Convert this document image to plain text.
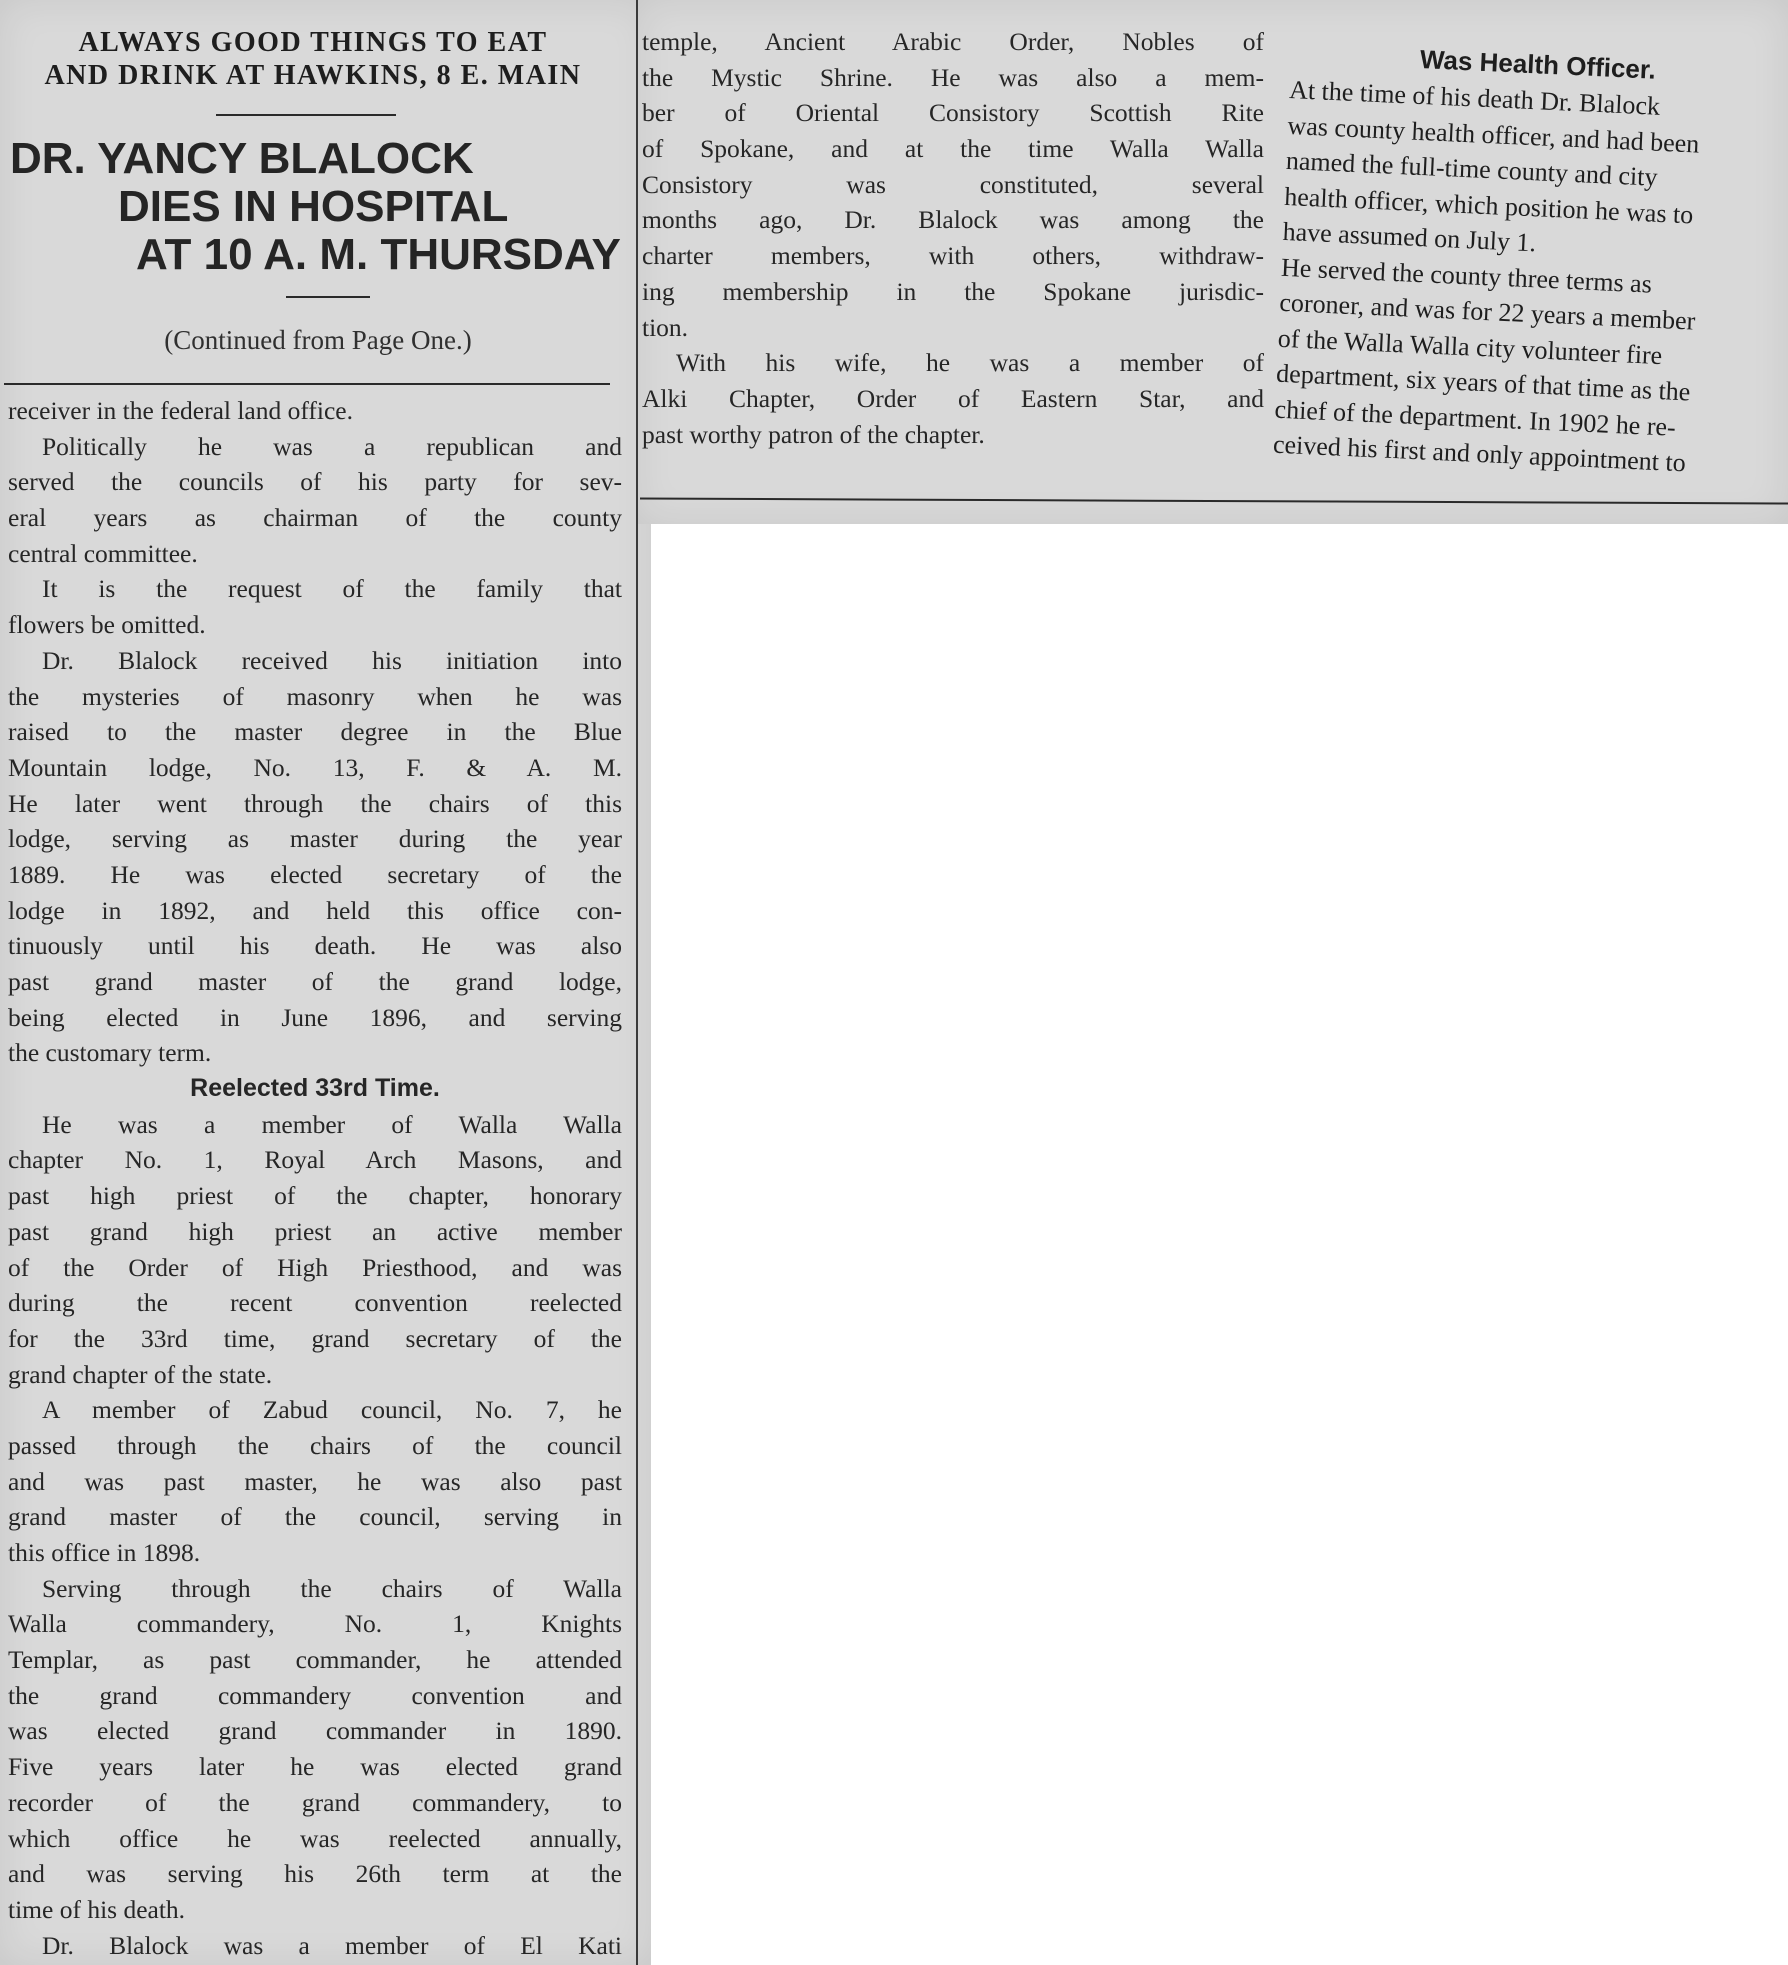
ALWAYS GOOD THINGS TO EAT
AND DRINK AT HAWKINS, 8 E. MAIN
DR. YANCY BLALOCK
DIES IN HOSPITAL
AT 10 A. M. THURSDAY
(Continued from Page One.)
receiver in the federal land office.
Politically he was a republican and
served the councils of his party for sev-
eral years as chairman of the county
central committee.
It is the request of the family that
flowers be omitted.
Dr. Blalock received his initiation into
the mysteries of masonry when he was
raised to the master degree in the Blue
Mountain lodge, No. 13, F. & A. M.
He later went through the chairs of this
lodge, serving as master during the year
1889. He was elected secretary of the
lodge in 1892, and held this office con-
tinuously until his death. He was also
past grand master of the grand lodge,
being elected in June 1896, and serving
the customary term.
Reelected 33rd Time.
He was a member of Walla Walla
chapter No. 1, Royal Arch Masons, and
past high priest of the chapter, honorary
past grand high priest an active member
of the Order of High Priesthood, and was
during the recent convention reelected
for the 33rd time, grand secretary of the
grand chapter of the state.
A member of Zabud council, No. 7, he
passed through the chairs of the council
and was past master, he was also past
grand master of the council, serving in
this office in 1898.
Serving through the chairs of Walla
Walla commandery, No. 1, Knights
Templar, as past commander, he attended
the grand commandery convention and
was elected grand commander in 1890.
Five years later he was elected grand
recorder of the grand commandery, to
which office he was reelected annually,
and was serving his 26th term at the
time of his death.
Dr. Blalock was a member of El Kati
temple, Ancient Arabic Order, Nobles of
the Mystic Shrine. He was also a mem-
ber of Oriental Consistory Scottish Rite
of Spokane, and at the time Walla Walla
Consistory was constituted, several
months ago, Dr. Blalock was among the
charter members, with others, withdraw-
ing membership in the Spokane jurisdic-
tion.
With his wife, he was a member of
Alki Chapter, Order of Eastern Star, and
past worthy patron of the chapter.
Was Health Officer.
At the time of his death Dr. Blalock
was county health officer, and had been
named the full-time county and city
health officer, which position he was to
have assumed on July 1.
He served the county three terms as
coroner, and was for 22 years a member
of the Walla Walla city volunteer fire
department, six years of that time as the
chief of the department. In 1902 he re-
ceived his first and only appointment to
